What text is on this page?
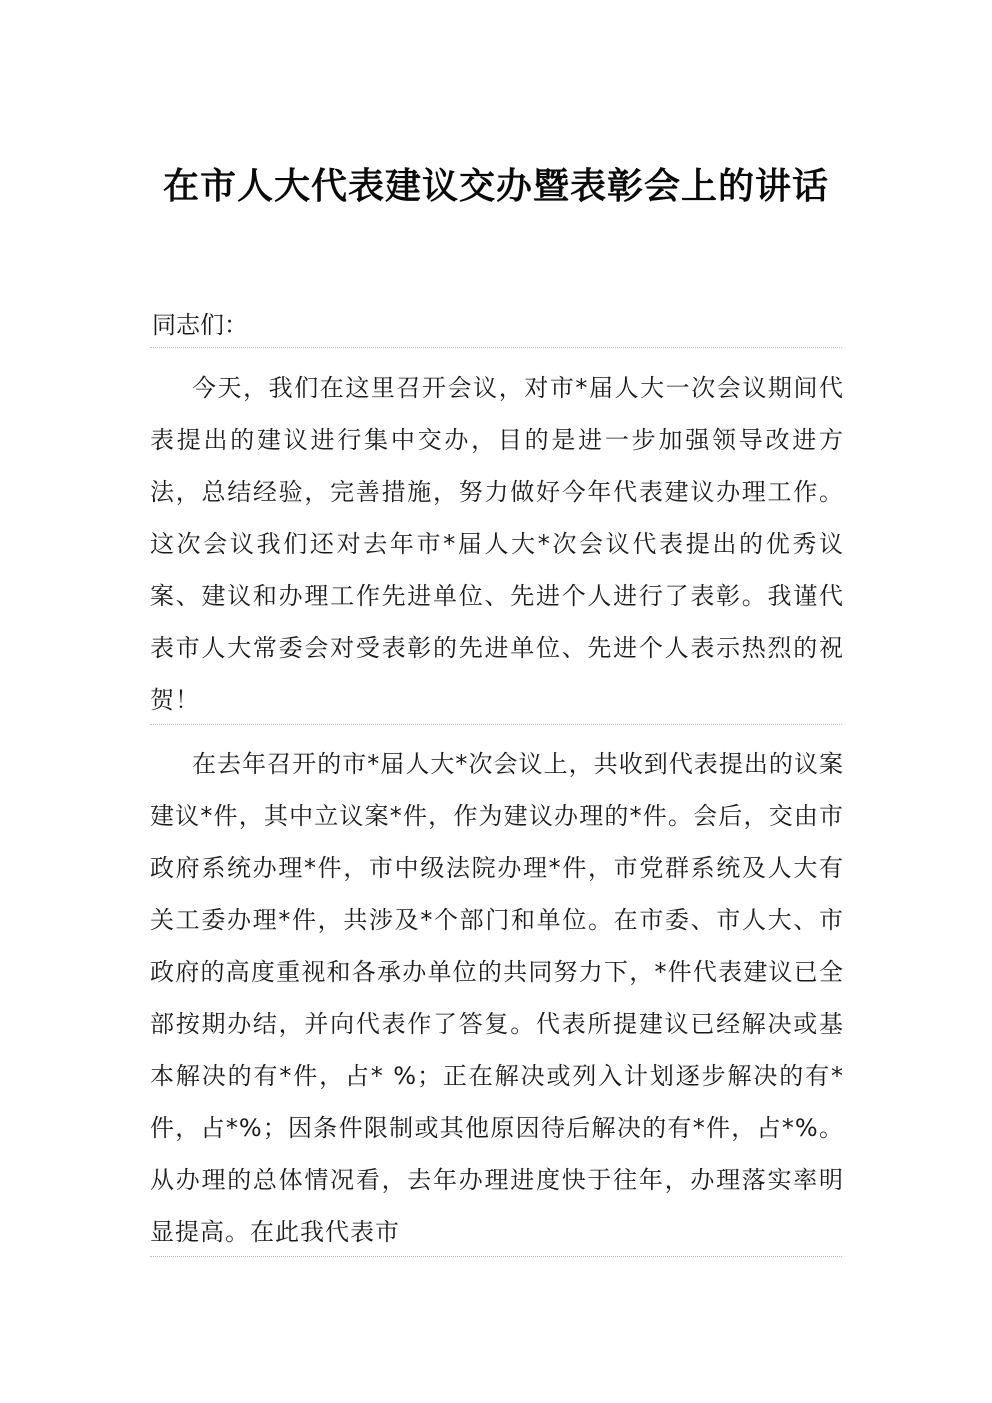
在市人大代表建议交办暨表彰会上的讲话
同志们：
今天，我们在这里召开会议，对市*届人大一次会议期间代表提出的建议进行集中交办，目的是进一步加强领导改进方法，总结经验，完善措施，努力做好今年代表建议办理工作。这次会议我们还对去年市*届人大*次会议代表提出的优秀议案、建议和办理工作先进单位、先进个人进行了表彰。我谨代表市人大常委会对受表彰的先进单位、先进个人表示热烈的祝贺！
在去年召开的市*届人大*次会议上，共收到代表提出的议案建议*件，其中立议案*件，作为建议办理的*件。会后，交由市政府系统办理*件，市中级法院办理*件，市党群系统及人大有关工委办理*件，共涉及*个部门和单位。在市委、市人大、市政府的高度重视和各承办单位的共同努力下，*件代表建议已全部按期办结，并向代表作了答复。代表所提建议已经解决或基本解决的有*件，占* %；正在解决或列入计划逐步解决的有*件，占*%；因条件限制或其他原因待后解决的有*件，占*%。从办理的总体情况看，去年办理进度快于往年，办理落实率明显提高。在此我代表市
